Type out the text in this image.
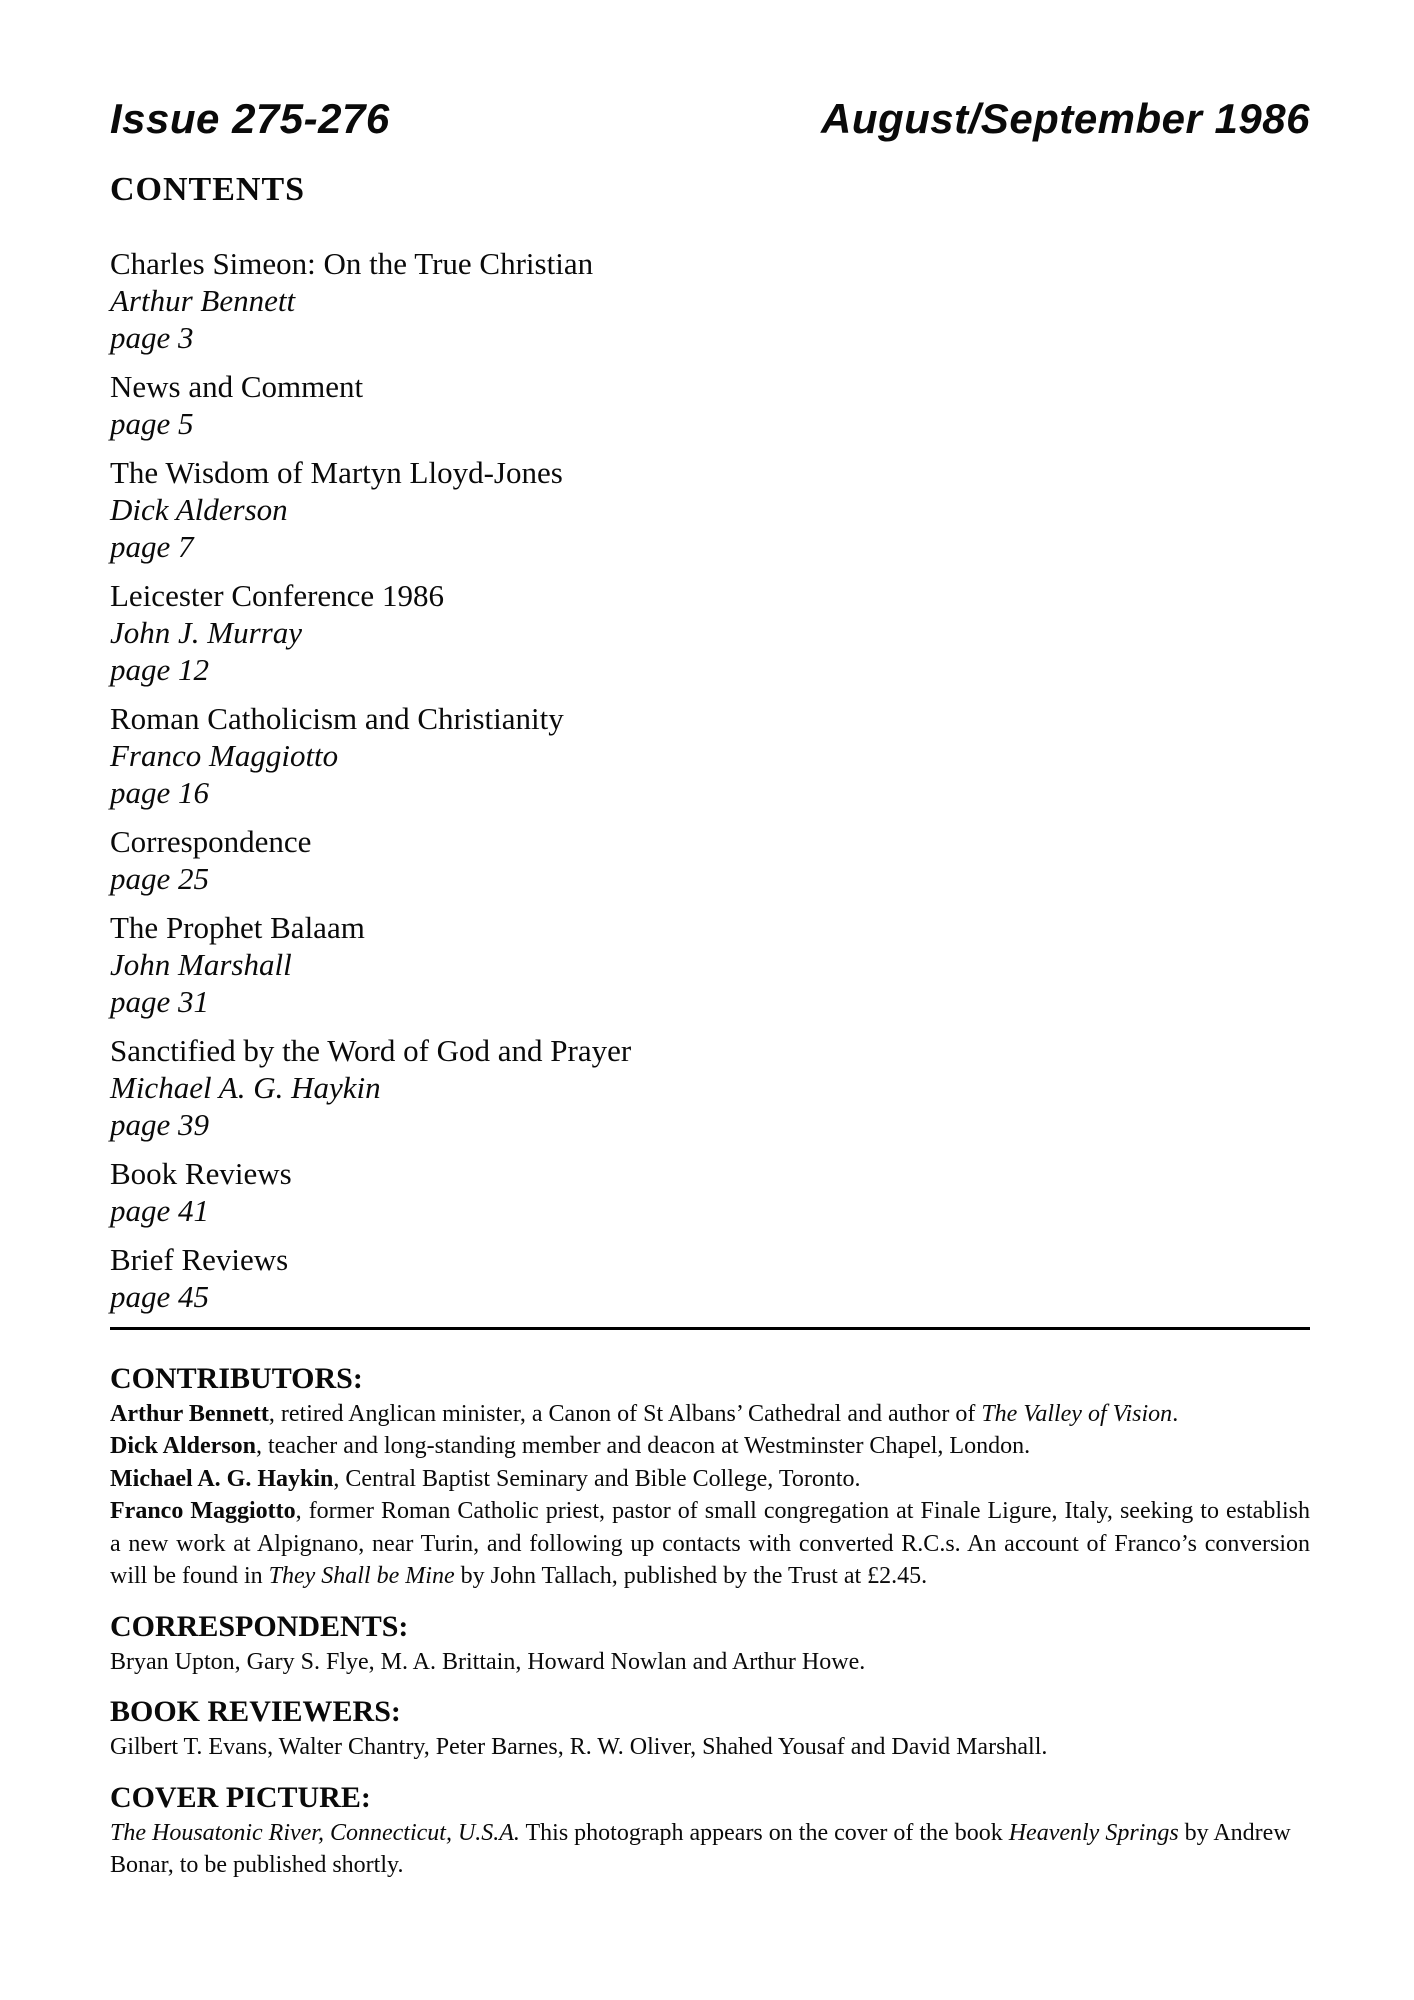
Issue 275-276	August/September 1986
CONTENTS

Charles Simeon: On the True Christian

Arthur Bennett

page 3

News and Comment

page 5

The Wisdom of Martyn Lloyd-Jones

Dick Alderson

page 7

Leicester Conference 1986

John J. Murray

page 12

Roman Catholicism and Christianity

Franco Maggiotto

page 16

Correspondence

page 25

The Prophet Balaam

John Marshall

page 31

Sanctified by the Word of God and Prayer

Michael A. G. Haykin

page 39

Book Reviews

page 41

Brief Reviews

page 45

CONTRIBUTORS:

Arthur Bennett, retired Anglican minister, a Canon of St Albans’ Cathedral and author of The Valley of Vision.

Dick Alderson, teacher and long-standing member and deacon at Westminster Chapel, London.

Michael A. G. Haykin, Central Baptist Seminary and Bible College, Toronto.

Franco Maggiotto, former Roman Catholic priest, pastor of small congregation at Finale Ligure, Italy, seeking to establish a new work at Alpignano, near Turin, and following up contacts with converted R.C.s. An account of Franco’s conversion will be found in They Shall be Mine by John Tallach, published by the Trust at £2.45.

CORRESPONDENTS:

Bryan Upton, Gary S. Flye, M. A. Brittain, Howard Nowlan and Arthur Howe.

BOOK REVIEWERS:

Gilbert T. Evans, Walter Chantry, Peter Barnes, R. W. Oliver, Shahed Yousaf and David Marshall.

COVER PICTURE:

The Housatonic River, Connecticut, U.S.A. This photograph appears on the cover of the book Heavenly Springs by Andrew Bonar, to be published shortly.
